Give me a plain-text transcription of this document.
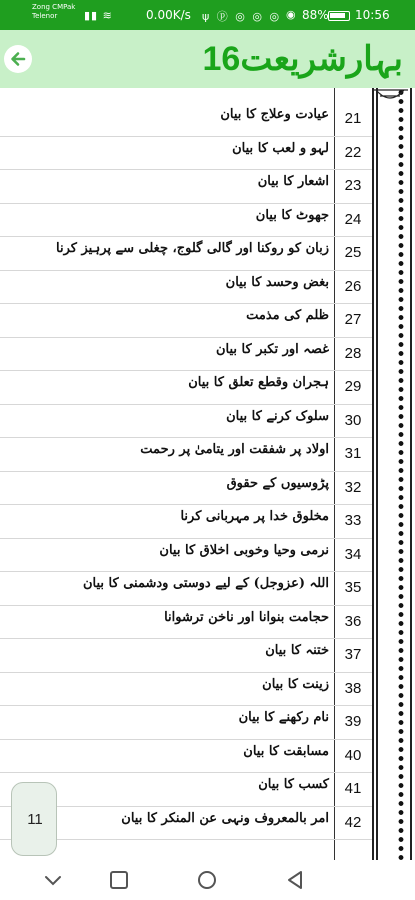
Zong CMPak
Telenor	▮▮ ≋	0.00K/s ψ ⓟ ◎ ◎ ◎ ◉ 88% 10:56
بہارشریعت16
عیادت وعلاج کا بیان	21
لہو و لعب کا بیان	22
اشعار کا بیان	23
جھوٹ کا بیان	24
زبان کو روکنا اور گالی گلوج، چغلی سے پرہیز کرنا	25
بغض وحسد کا بیان	26
ظلم کی مذمت	27
غصہ اور تکبر کا بیان	28
ہجران وقطع تعلق کا بیان	29
سلوک کرنے کا بیان	30
اولاد پر شفقت اور یتامیٰ پر رحمت	31
پڑوسیوں کے حقوق	32
مخلوق خدا پر مہربانی کرنا	33
نرمی وحیا وخوبی اخلاق کا بیان	34
اللہ (عزوجل) کے لیے دوستی ودشمنی کا بیان	35
حجامت بنوانا اور ناخن ترشوانا	36
ختنہ کا بیان	37
زینت کا بیان	38
نام رکھنے کا بیان	39
مسابقت کا بیان	40
کسب کا بیان	41
امر بالمعروف ونہی عن المنکر کا بیان	42
11
